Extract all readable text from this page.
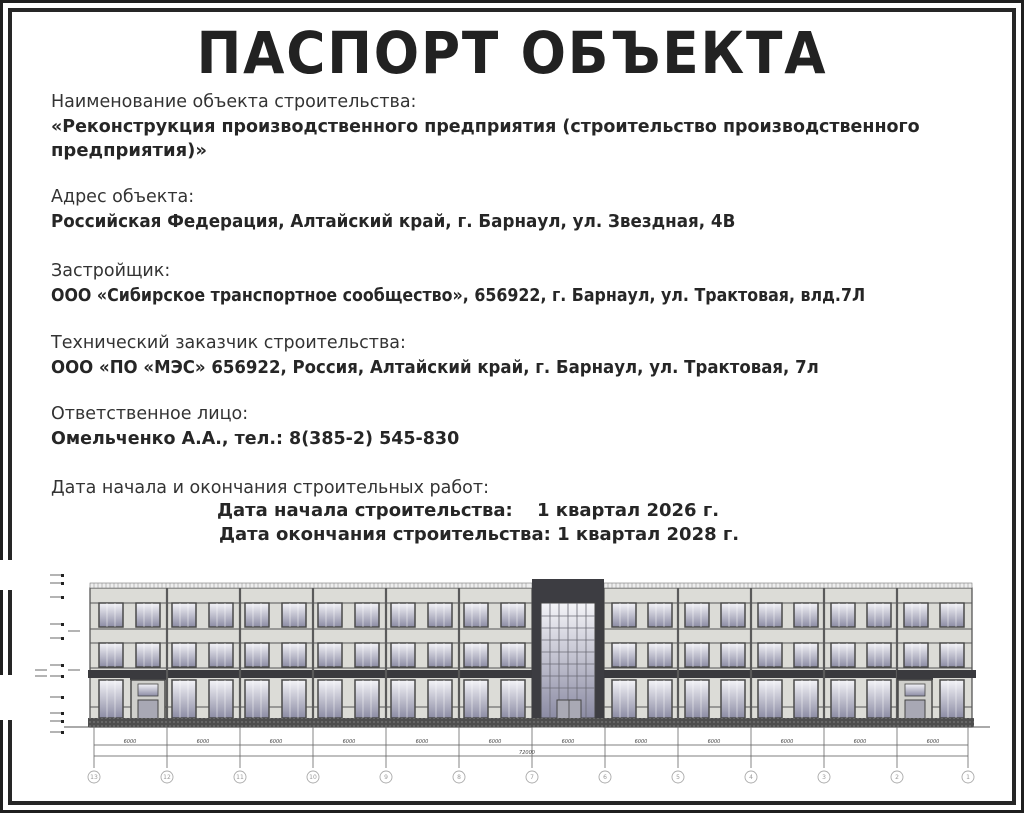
ПАСПОРТ ОБЪЕКТА
Наименование объекта строительства:
«Реконструкция производственного предприятия (строительство производственного
предприятия)»
Адрес объекта:
Российская Федерация, Алтайский край, г. Барнаул, ул. Звездная, 4В
Застройщик:
ООО «Сибирское транспортное сообщество», 656922, г. Барнаул, ул. Трактовая, влд.7Л
Технический заказчик строительства:
ООО «ПО «МЭС» 656922, Россия, Алтайский край, г. Барнаул, ул. Трактовая, 7л
Ответственное лицо:
Омельченко А.А., тел.: 8(385-2) 545-830
Дата начала и окончания строительных работ:
Дата начала строительства: 1 квартал 2026 г.
Дата окончания строительства: 1 квартал 2028 г.
6000	6000	6000	6000	6000	6000	6000	6000	6000	6000	6000	6000
72000
13	12	11	10	9	8	7	6	5	4	3	2	1
